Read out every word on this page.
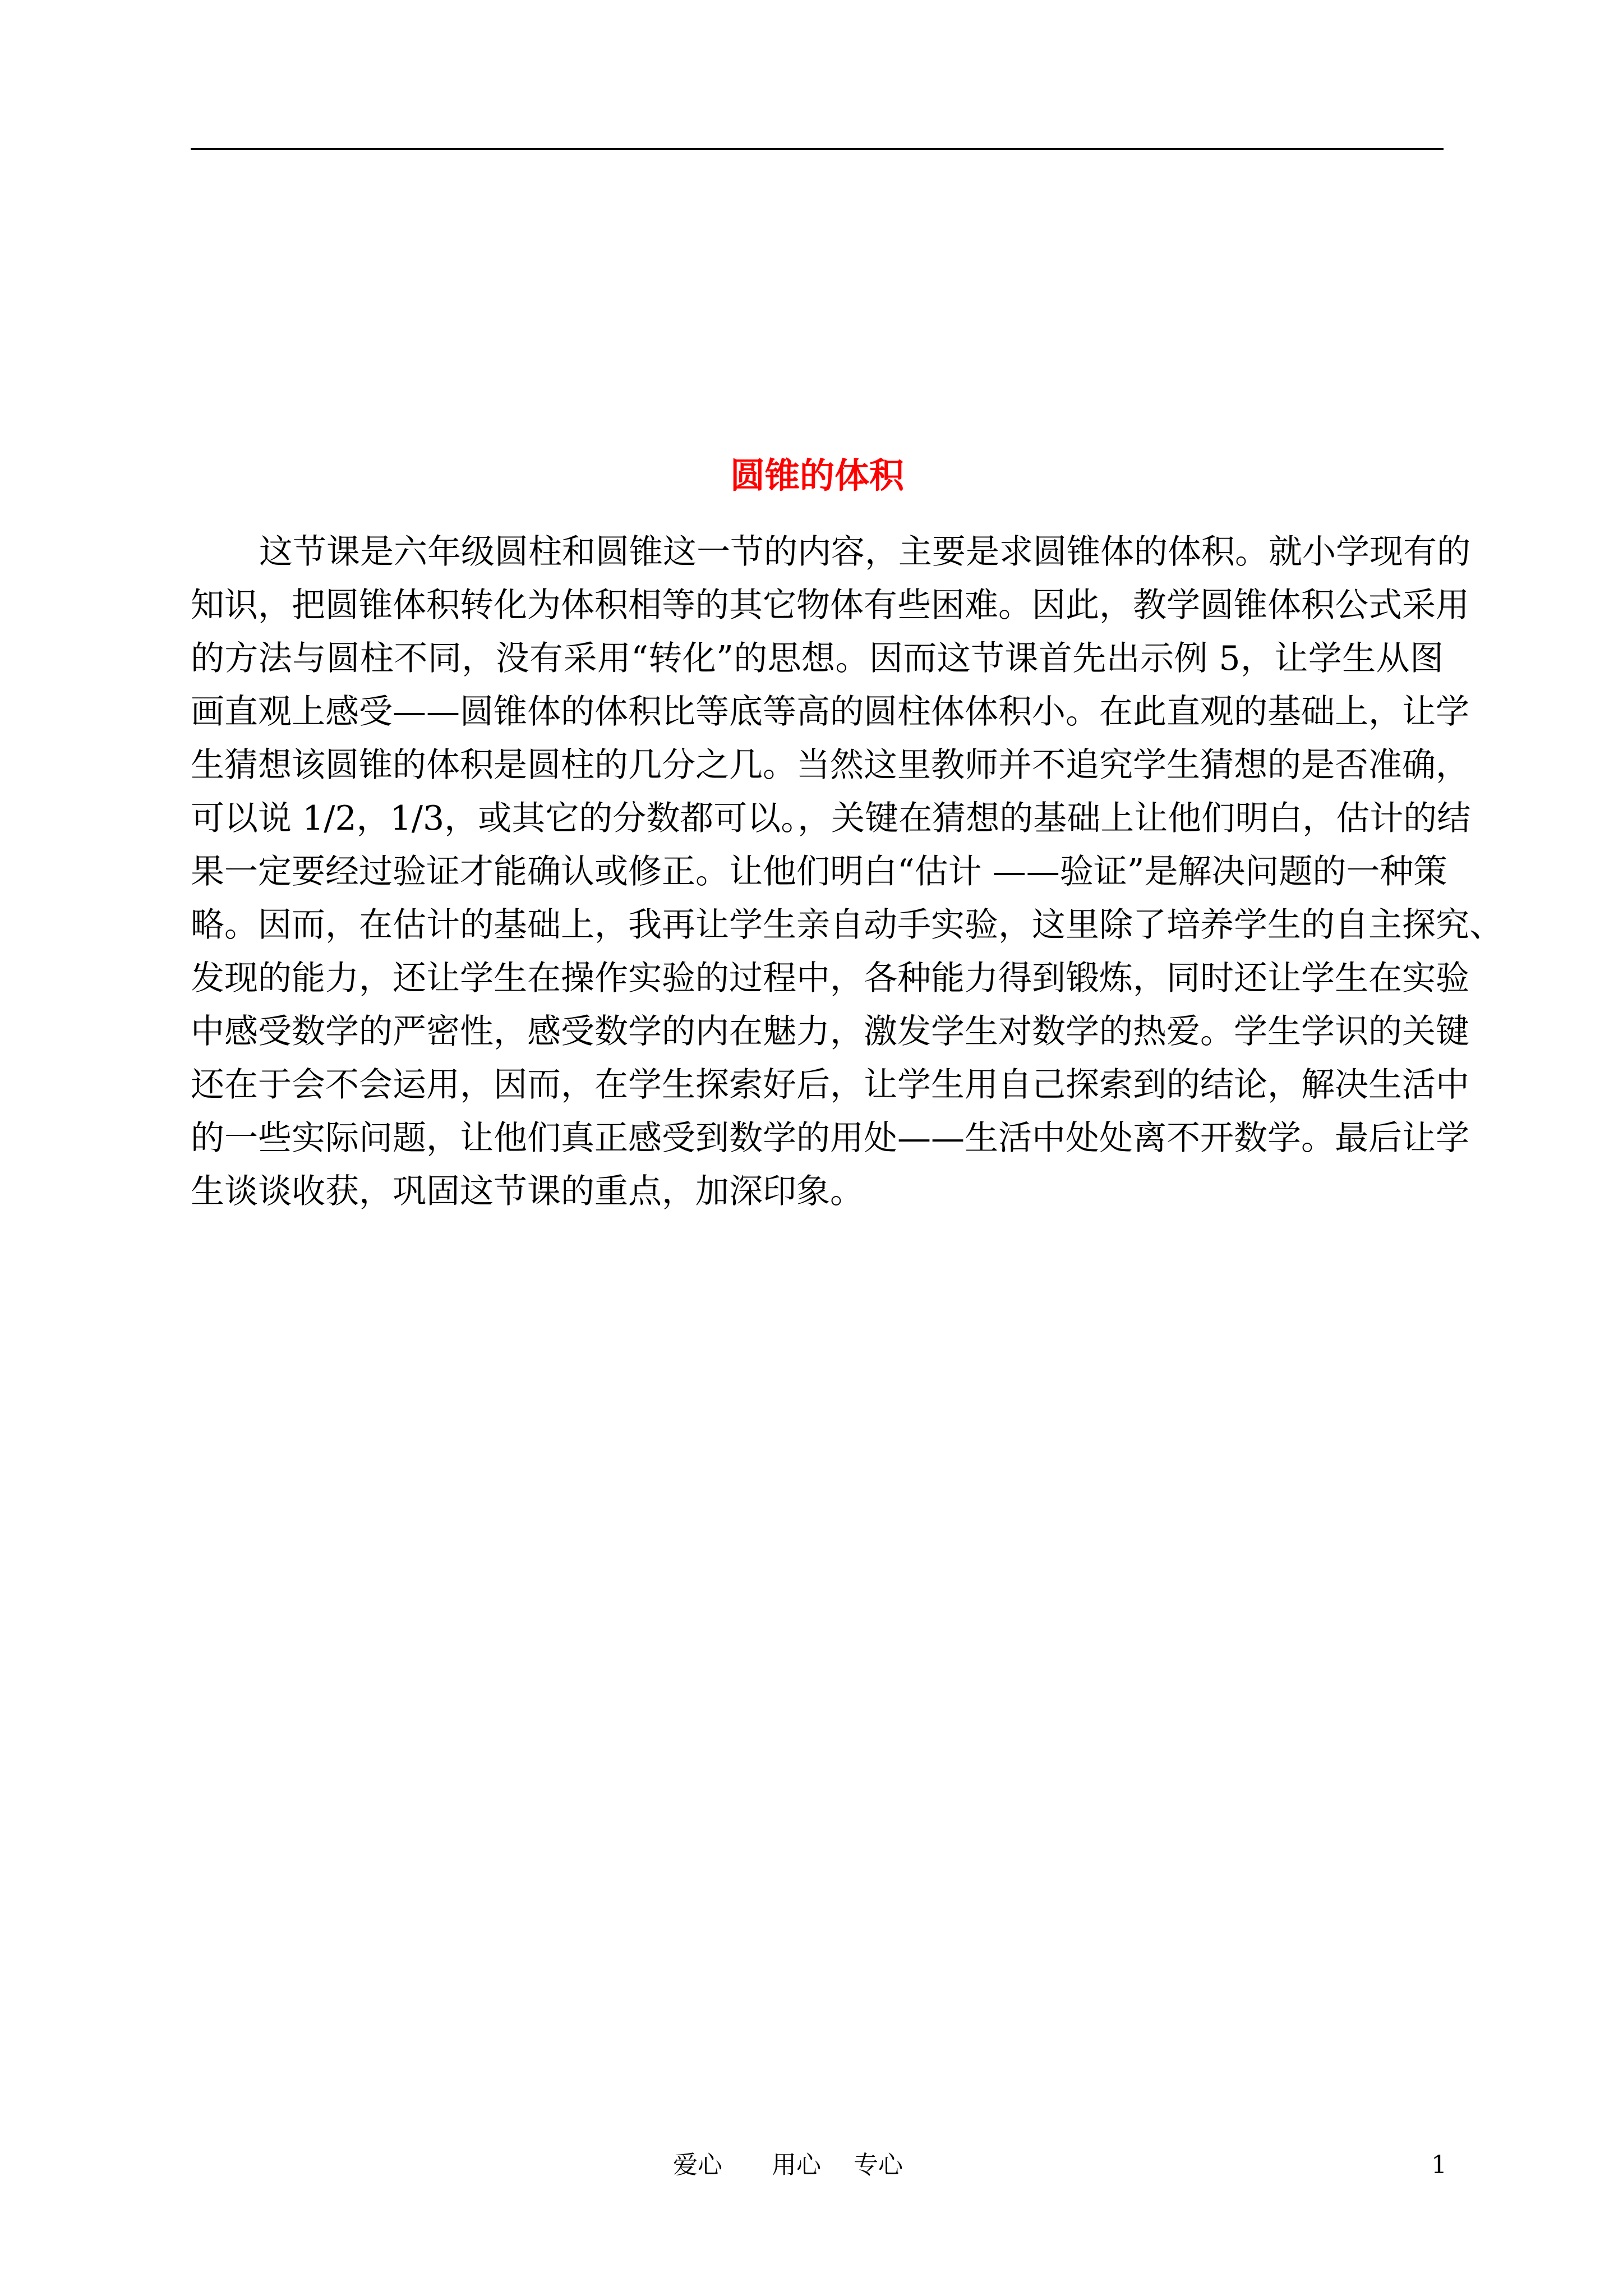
圆锥的体积
这节课是六年级圆柱和圆锥这一节的内容，主要是求圆锥体的体积。就小学现有的
知识，把圆锥体积转化为体积相等的其它物体有些困难。因此，教学圆锥体积公式采用
的方法与圆柱不同，没有采用“转化”的思想。因而这节课首先出示例 5，让学生从图
画直观上感受——圆锥体的体积比等底等高的圆柱体体积小。在此直观的基础上，让学
生猜想该圆锥的体积是圆柱的几分之几。当然这里教师并不追究学生猜想的是否准确，
可以说 1/2，1/3，或其它的分数都可以。，关键在猜想的基础上让他们明白，估计的结
果一定要经过验证才能确认或修正。让他们明白“估计 ——验证”是解决问题的一种策
略。因而，在估计的基础上，我再让学生亲自动手实验，这里除了培养学生的自主探究、
发现的能力，还让学生在操作实验的过程中，各种能力得到锻炼，同时还让学生在实验
中感受数学的严密性，感受数学的内在魅力，激发学生对数学的热爱。学生学识的关键
还在于会不会运用，因而，在学生探索好后，让学生用自己探索到的结论，解决生活中
的一些实际问题，让他们真正感受到数学的用处——生活中处处离不开数学。最后让学
生谈谈收获，巩固这节课的重点，加深印象。
爱心 用心 专心	1
